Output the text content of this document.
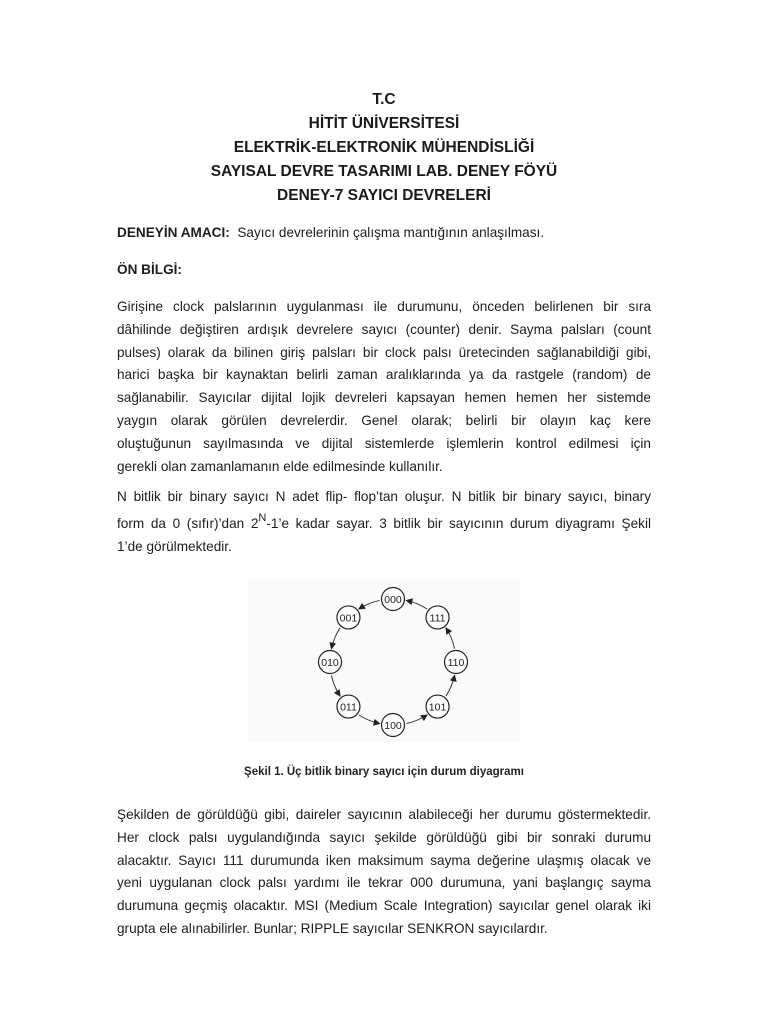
T.C
HİTİT ÜNİVERSİTESİ
ELEKTRİK-ELEKTRONİK MÜHENDİSLİĞİ
SAYISAL DEVRE TASARIMI LAB. DENEY FÖYÜ
DENEY-7 SAYICI DEVRELERİ
DENEYİN AMACI: Sayıcı devrelerinin çalışma mantığının anlaşılması.
ÖN BİLGİ:
Girişine clock palslarının uygulanması ile durumunu, önceden belirlenen bir sıra
dâhilinde değiştiren ardışık devrelere sayıcı (counter) denir. Sayma palsları (count
pulses) olarak da bilinen giriş palsları bir clock palsı üretecinden sağlanabildiği gibi,
harici başka bir kaynaktan belirli zaman aralıklarında ya da rastgele (random) de
sağlanabilir. Sayıcılar dijital lojik devreleri kapsayan hemen hemen her sistemde
yaygın olarak görülen devrelerdir. Genel olarak; belirli bir olayın kaç kere
oluştuğunun sayılmasında ve dijital sistemlerde işlemlerin kontrol edilmesi için
gerekli olan zamanlamanın elde edilmesinde kullanılır.
N bitlik bir binary sayıcı N adet flip- flop’tan oluşur. N bitlik bir binary sayıcı, binary
form da 0 (sıfır)’dan $2^N-1’e$ kadar sayar. 3 bitlik bir sayıcının durum diyagramı Şekil
1’de görülmektedir.
000
111
110
101
100
011
010
001
Şekil 1. Üç bitlik binary sayıcı için durum diyagramı
Şekilden de görüldüğü gibi, daireler sayıcının alabileceği her durumu göstermektedir.
Her clock palsı uygulandığında sayıcı şekilde görüldüğü gibi bir sonraki durumu
alacaktır. Sayıcı 111 durumunda iken maksimum sayma değerine ulaşmış olacak ve
yeni uygulanan clock palsı yardımı ile tekrar 000 durumuna, yani başlangıç sayma
durumuna geçmiş olacaktır. MSI (Medium Scale Integration) sayıcılar genel olarak iki
grupta ele alınabilirler. Bunlar; RIPPLE sayıcılar SENKRON sayıcılardır.
